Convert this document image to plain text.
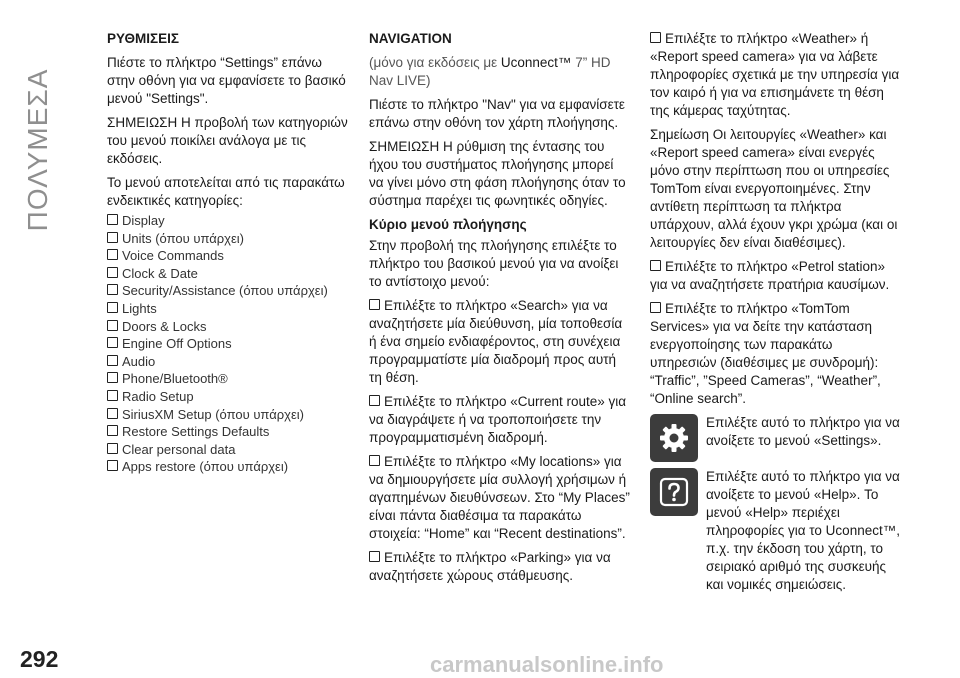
ΠΟΛΥΜΕΣΑ

ΡΥΘΜΙΣΕΙΣ

Πιέστε το πλήκτρο “Settings” επάνω στην οθόνη για να εμφανίσετε το βασικό μενού "Settings".

ΣΗΜΕΙΩΣΗ Η προβολή των κατηγοριών του μενού ποικίλει ανάλογα με τις εκδόσεις.

Το μενού αποτελείται από τις παρακάτω ενδεικτικές κατηγορίες:

Display
Units (όπου υπάρχει)
Voice Commands
Clock & Date
Security/Assistance (όπου υπάρχει)
Lights
Doors & Locks
Engine Off Options
Audio
Phone/Bluetooth®
Radio Setup
SiriusXM Setup (όπου υπάρχει)
Restore Settings Defaults
Clear personal data
Apps restore (όπου υπάρχει)

NAVIGATION

(μόνο για εκδόσεις με Uconnect™ 7” HD Nav LIVE)

Πιέστε το πλήκτρο "Nav" για να εμφανίσετε επάνω στην οθόνη τον χάρτη πλοήγησης.

ΣΗΜΕΙΩΣΗ Η ρύθμιση της έντασης του ήχου του συστήματος πλοήγησης μπορεί να γίνει μόνο στη φάση πλοήγησης όταν το σύστημα παρέχει τις φωνητικές οδηγίες.

Κύριο μενού πλοήγησης

Στην προβολή της πλοήγησης επιλέξτε το πλήκτρο του βασικού μενού για να ανοίξει το αντίστοιχο μενού:

Επιλέξτε το πλήκτρο «Search» για να αναζητήσετε μία διεύθυνση, μία τοποθεσία ή ένα σημείο ενδιαφέροντος, στη συνέχεια προγραμματίστε μία διαδρομή προς αυτή τη θέση.

Επιλέξτε το πλήκτρο «Current route» για να διαγράψετε ή να τροποποιήσετε την προγραμματισμένη διαδρομή.

Επιλέξτε το πλήκτρο «My locations» για να δημιουργήσετε μία συλλογή χρήσιμων ή αγαπημένων διευθύνσεων. Στο “My Places” είναι πάντα διαθέσιμα τα παρακάτω στοιχεία: “Home” και “Recent destinations”.

Επιλέξτε το πλήκτρο «Parking» για να αναζητήσετε χώρους στάθμευσης.

Επιλέξτε το πλήκτρο «Weather» ή «Report speed camera» για να λάβετε πληροφορίες σχετικά με την υπηρεσία για τον καιρό ή για να επισημάνετε τη θέση της κάμερας ταχύτητας.

Σημείωση Οι λειτουργίες «Weather» και «Report speed camera» είναι ενεργές μόνο στην περίπτωση που οι υπηρεσίες TomTom είναι ενεργοποιημένες. Στην αντίθετη περίπτωση τα πλήκτρα υπάρχουν, αλλά έχουν γκρι χρώμα (και οι λειτουργίες δεν είναι διαθέσιμες).

Επιλέξτε το πλήκτρο «Petrol station» για να αναζητήσετε πρατήρια καυσίμων.

Επιλέξτε το πλήκτρο «TomTom Services» για να δείτε την κατάσταση ενεργοποίησης των παρακάτω υπηρεσιών (διαθέσιμες με συνδρομή): “Traffic”, ”Speed Cameras”, “Weather”, “Online search”.

Επιλέξτε αυτό το πλήκτρο για να ανοίξετε το μενού «Settings».
Επιλέξτε αυτό το πλήκτρο για να ανοίξετε το μενού «Help». Το μενού «Help» περιέχει πληροφορίες για το Uconnect™, π.χ. την έκδοση του χάρτη, το σειριακό αριθμό της συσκευής και νομικές σημειώσεις.
292	carmanualsonline.info
